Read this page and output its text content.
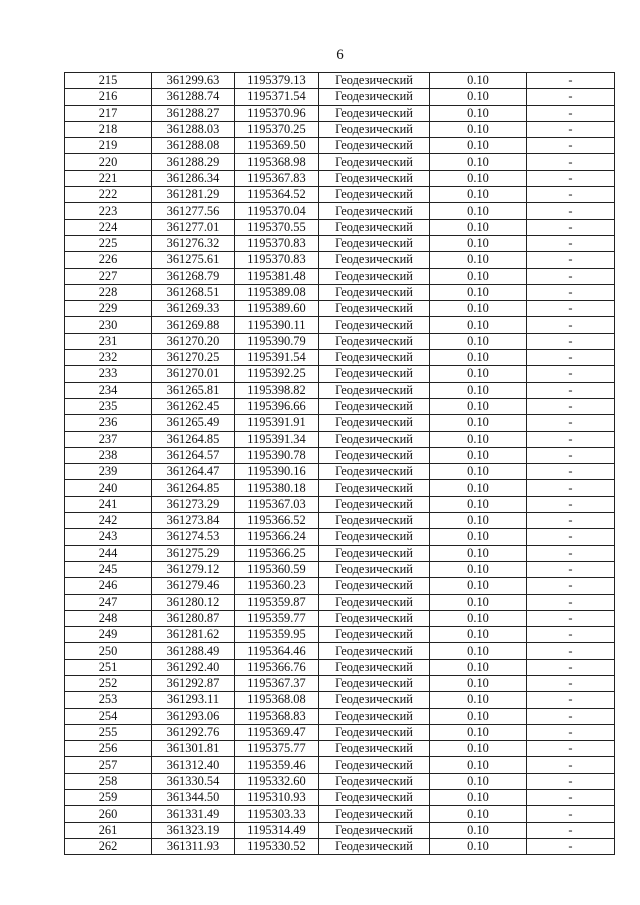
6
215	361299.63	1195379.13	Геодезический	0.10	-
216	361288.74	1195371.54	Геодезический	0.10	-
217	361288.27	1195370.96	Геодезический	0.10	-
218	361288.03	1195370.25	Геодезический	0.10	-
219	361288.08	1195369.50	Геодезический	0.10	-
220	361288.29	1195368.98	Геодезический	0.10	-
221	361286.34	1195367.83	Геодезический	0.10	-
222	361281.29	1195364.52	Геодезический	0.10	-
223	361277.56	1195370.04	Геодезический	0.10	-
224	361277.01	1195370.55	Геодезический	0.10	-
225	361276.32	1195370.83	Геодезический	0.10	-
226	361275.61	1195370.83	Геодезический	0.10	-
227	361268.79	1195381.48	Геодезический	0.10	-
228	361268.51	1195389.08	Геодезический	0.10	-
229	361269.33	1195389.60	Геодезический	0.10	-
230	361269.88	1195390.11	Геодезический	0.10	-
231	361270.20	1195390.79	Геодезический	0.10	-
232	361270.25	1195391.54	Геодезический	0.10	-
233	361270.01	1195392.25	Геодезический	0.10	-
234	361265.81	1195398.82	Геодезический	0.10	-
235	361262.45	1195396.66	Геодезический	0.10	-
236	361265.49	1195391.91	Геодезический	0.10	-
237	361264.85	1195391.34	Геодезический	0.10	-
238	361264.57	1195390.78	Геодезический	0.10	-
239	361264.47	1195390.16	Геодезический	0.10	-
240	361264.85	1195380.18	Геодезический	0.10	-
241	361273.29	1195367.03	Геодезический	0.10	-
242	361273.84	1195366.52	Геодезический	0.10	-
243	361274.53	1195366.24	Геодезический	0.10	-
244	361275.29	1195366.25	Геодезический	0.10	-
245	361279.12	1195360.59	Геодезический	0.10	-
246	361279.46	1195360.23	Геодезический	0.10	-
247	361280.12	1195359.87	Геодезический	0.10	-
248	361280.87	1195359.77	Геодезический	0.10	-
249	361281.62	1195359.95	Геодезический	0.10	-
250	361288.49	1195364.46	Геодезический	0.10	-
251	361292.40	1195366.76	Геодезический	0.10	-
252	361292.87	1195367.37	Геодезический	0.10	-
253	361293.11	1195368.08	Геодезический	0.10	-
254	361293.06	1195368.83	Геодезический	0.10	-
255	361292.76	1195369.47	Геодезический	0.10	-
256	361301.81	1195375.77	Геодезический	0.10	-
257	361312.40	1195359.46	Геодезический	0.10	-
258	361330.54	1195332.60	Геодезический	0.10	-
259	361344.50	1195310.93	Геодезический	0.10	-
260	361331.49	1195303.33	Геодезический	0.10	-
261	361323.19	1195314.49	Геодезический	0.10	-
262	361311.93	1195330.52	Геодезический	0.10	-
